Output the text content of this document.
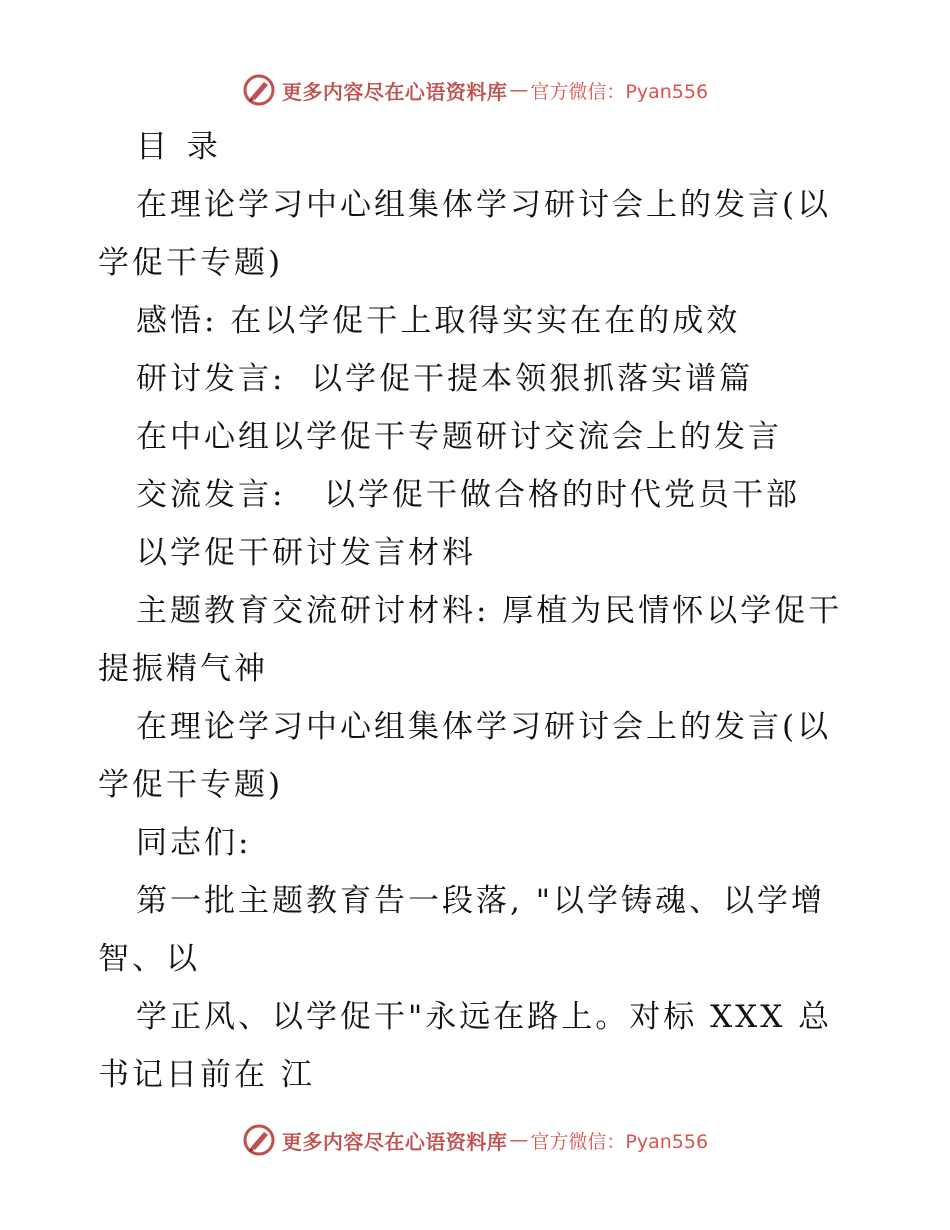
更多内容尽在心语资料库 — 官方微信：Pyan556

目 录

在理论学习中心组集体学习研讨会上的发言(以学促干专题)

感悟: 在以学促干上取得实实在在的成效

研讨发言:  以学促干提本领狠抓落实谱篇

在中心组以学促干专题研讨交流会上的发言

交流发言:   以学促干做合格的时代党员干部

以学促干研讨发言材料

主题教育交流研讨材料: 厚植为民情怀以学促干提振精气神

在理论学习中心组集体学习研讨会上的发言(以学促干专题)

同志们:

第一批主题教育告一段落, "以学铸魂、以学增智、以

学正风、以学促干"永远在路上。对标 XXX 总书记日前在 江

更多内容尽在心语资料库 — 官方微信：Pyan556
